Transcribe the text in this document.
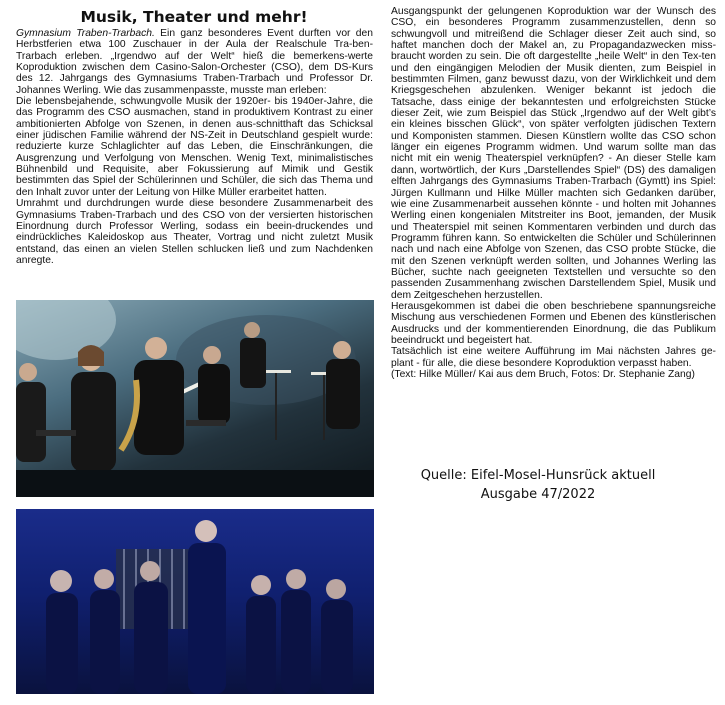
Musik, Theater und mehr!

Gymnasium Traben-Trarbach. Ein ganz besonderes Event durften vor den Herbstferien etwa 100 Zuschauer in der Aula der Realschule Tra-ben-Trarbach erleben. „Irgendwo auf der Welt“ hieß die bemerkens-werte Koproduktion zwischen dem Casino-Salon-Orchester (CSO), dem DS-Kurs des 12. Jahrgangs des Gymnasiums Traben-Trarbach und Professor Dr. Johannes Werling. Wie das zusammenpasste, musste man erleben:

Die lebensbejahende, schwungvolle Musik der 1920er- bis 1940er-Jahre, die das Programm des CSO ausmachen, stand in produktivem Kontrast zu einer ambitionierten Abfolge von Szenen, in denen aus-schnitthaft das Schicksal einer jüdischen Familie während der NS-Zeit in Deutschland gespielt wurde: reduzierte kurze Schlaglichter auf das Leben, die Einschränkungen, die Ausgrenzung und Verfolgung von Menschen. Wenig Text, minimalistisches Bühnenbild und Requisite, aber Fokussierung auf Mimik und Gestik bestimmten das Spiel der Schülerinnen und Schüler, die sich das Thema und den Inhalt zuvor unter der Leitung von Hilke Müller erarbeitet hatten.

Umrahmt und durchdrungen wurde diese besondere Zusammenarbeit des Gymnasiums Traben-Trarbach und des CSO von der versierten historischen Einordnung durch Professor Werling, sodass ein beein-druckendes und eindrückliches Kaleidoskop aus Theater, Vortrag und nicht zuletzt Musik entstand, das einen an vielen Stellen schlucken ließ und zum Nachdenken anregte.

Ausgangspunkt der gelungenen Koproduktion war der Wunsch des CSO, ein besonderes Programm zusammenzustellen, denn so schwungvoll und mitreißend die Schlager dieser Zeit auch sind, so haftet manchen doch der Makel an, zu Propagandazwecken miss-braucht worden zu sein. Die oft dargestellte „heile Welt“ in den Tex-ten und den eingängigen Melodien der Musik dienten, zum Beispiel in bestimmten Filmen, ganz bewusst dazu, von der Wirklichkeit und dem Kriegsgeschehen abzulenken. Weniger bekannt ist jedoch die Tatsache, dass einige der bekanntesten und erfolgreichsten Stücke dieser Zeit, wie zum Beispiel das Stück „Irgendwo auf der Welt gibt’s ein kleines bisschen Glück“, von später verfolgten jüdischen Textern und Komponisten stammen. Diesen Künstlern wollte das CSO schon länger ein eigenes Programm widmen. Und warum sollte man das nicht mit ein wenig Theaterspiel verknüpfen? - An dieser Stelle kam dann, wortwörtlich, der Kurs „Darstellendes Spiel“ (DS) des damaligen elften Jahrgangs des Gymnasiums Traben-Trarbach (Gymtt) ins Spiel: Jürgen Kullmann und Hilke Müller machten sich Gedanken darüber, wie eine Zusammenarbeit aussehen könnte - und holten mit Johannes Werling einen kongenialen Mitstreiter ins Boot, jemanden, der Musik und Theaterspiel mit seinen Kommentaren verbinden und durch das Programm führen kann. So entwickelten die Schüler und Schülerinnen nach und nach eine Abfolge von Szenen, das CSO probte Stücke, die mit den Szenen verknüpft werden sollten, und Johannes Werling las Bücher, suchte nach geeigneten Textstellen und versuchte so den passenden Zusammenhang zwischen Darstellendem Spiel, Musik und dem Zeitgeschehen herzustellen.

Herausgekommen ist dabei die oben beschriebene spannungsreiche Mischung aus verschiedenen Formen und Ebenen des künstlerischen Ausdrucks und der kommentierenden Einordnung, die das Publikum beeindruckt und begeistert hat.

Tatsächlich ist eine weitere Aufführung im Mai nächsten Jahres ge-plant - für alle, die diese besondere Koproduktion verpasst haben.

(Text: Hilke Müller/ Kai aus dem Bruch, Fotos: Dr. Stephanie Zang)

Quelle: Eifel-Mosel-Hunsrück aktuell
Ausgabe 47/2022
